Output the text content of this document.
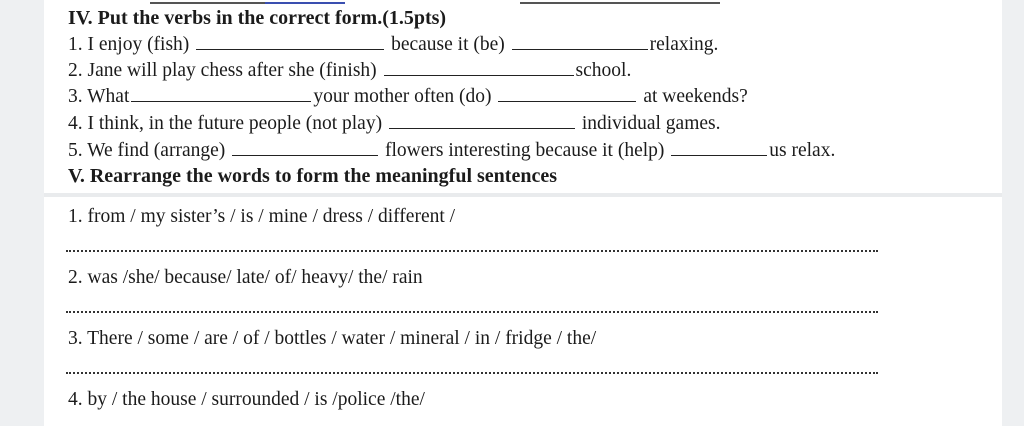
IV. Put the verbs in the correct form.(1.5pts)
1. I enjoy (fish)	because it (be)	relaxing.
2. Jane will play chess after she (finish)	school.
3. What	your mother often (do)	at weekends?
4. I think, in the future people (not play)	individual games.
5. We find (arrange)	flowers interesting because it (help)	us relax.
V. Rearrange the words to form the meaningful sentences
1. from / my sister’s / is / mine / dress / different /
2. was /she/ because/ late/ of/ heavy/ the/ rain
3. There / some / are / of / bottles / water / mineral / in / fridge / the/
4. by / the house / surrounded / is /police /the/
